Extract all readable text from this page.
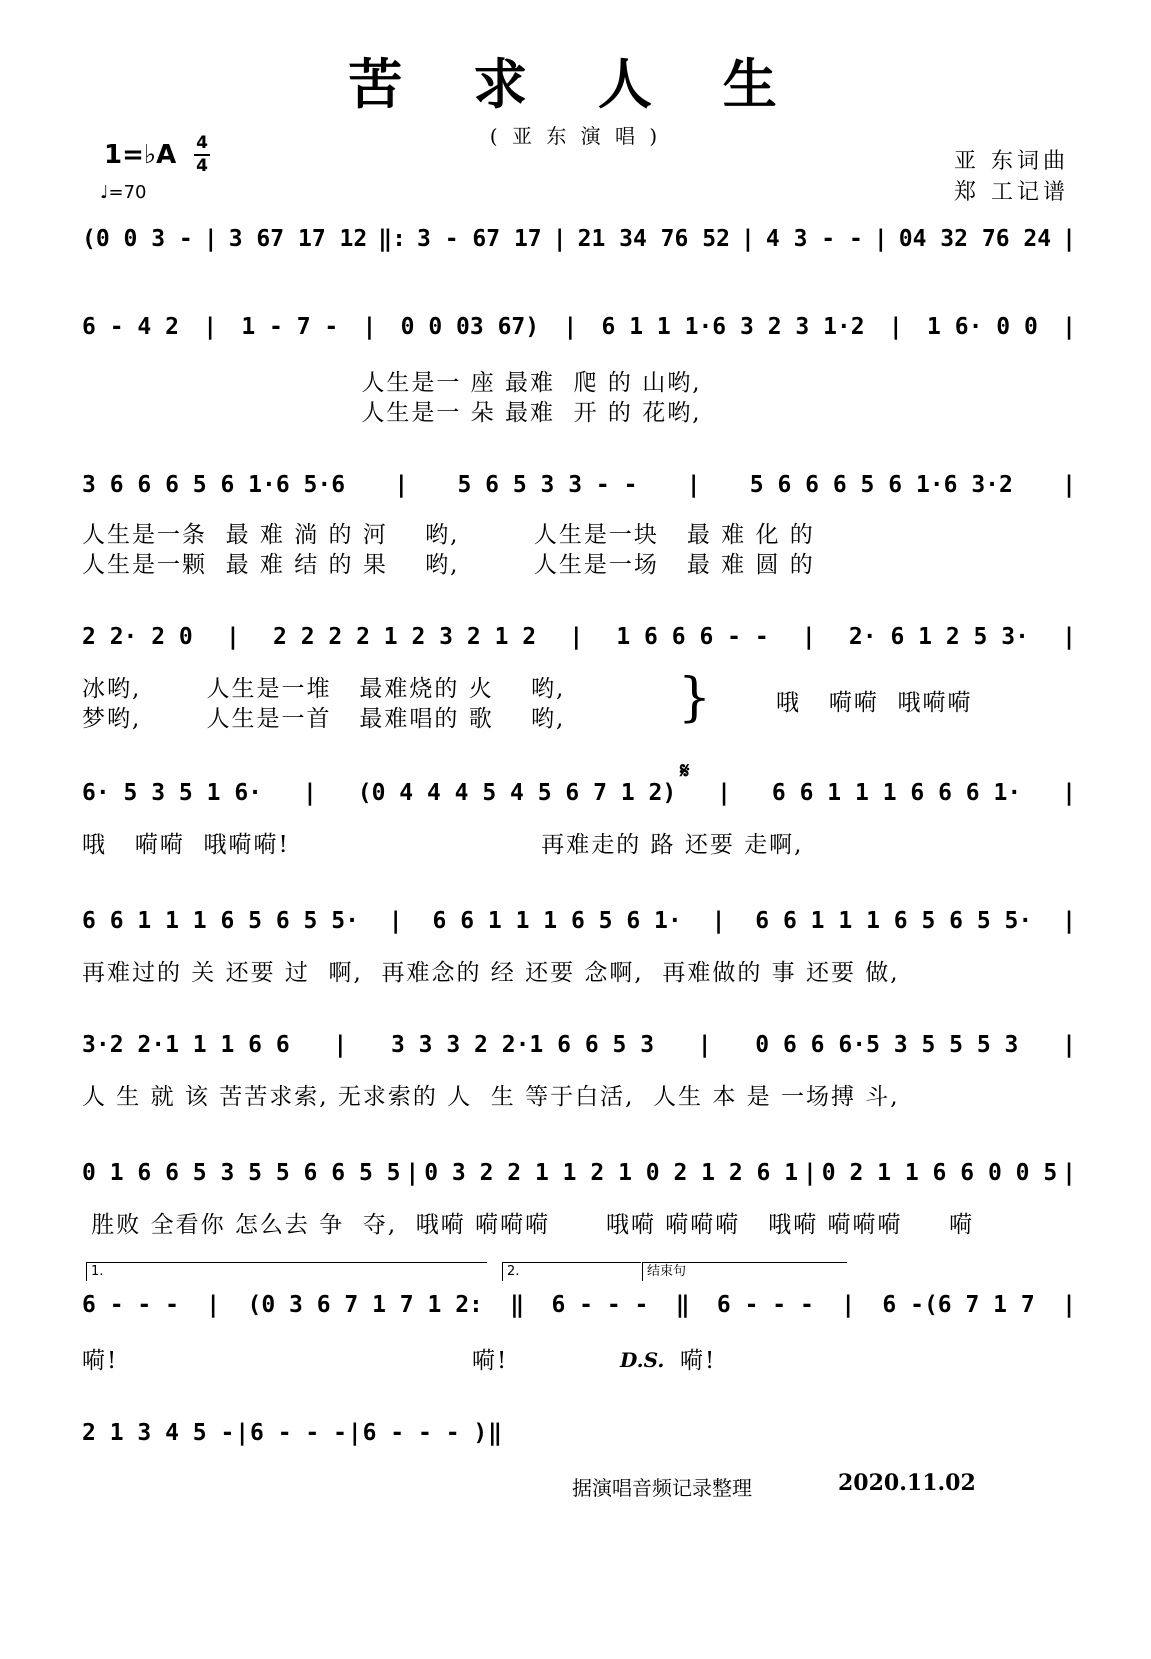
苦 求 人 生
( 亚 东 演 唱 )
1=♭A 4
4
♩=70
亚 东词曲
郑 工记谱
(0 0 3 - | 3 67 17 12 ‖: 3 - 67 17 | 21 34 76 52 | 4 3 - - | 04 32 76 24 |
6 - 4 2 | 1 - 7 - | 0 0 03 67) | 6 1 1 1·6 3 2 3 1·2 | 1 6· 0 0 |
人生是一 座 最难  爬 的 山哟,
人生是一 朵 最难  开 的 花哟,
3 6 6 6 5 6 1·6 5·6 | 5 6 5 3 3 - - | 5 6 6 6 5 6 1·6 3·2 |
人生是一条  最 难 淌 的 河    哟,        人生是一块   最 难 化 的
人生是一颗  最 难 结 的 果    哟,        人生是一场   最 难 圆 的
2 2· 2 0 | 2 2 2 2 1 2 3 2 1 2 | 1 6 6 6 - - | 2· 6 1 2 5 3· |
冰哟,       人生是一堆   最难烧的 火    哟,
梦哟,       人生是一首   最难唱的 歌    哟,	}	哦   嗬嗬  哦嗬嗬
𝄋
6· 5 3 5 1 6· | (0 4 4 4 5 4 5 6 7 1 2) | 6 6 1 1 1 6 6 6 1· |
哦   嗬嗬  哦嗬嗬!                           再难走的 路 还要 走啊,
6 6 1 1 1 6 5 6 5 5· | 6 6 1 1 1 6 5 6 1· | 6 6 1 1 1 6 5 6 5 5· |
再难过的 关 还要 过  啊,  再难念的 经 还要 念啊,  再难做的 事 还要 做,
3·2 2·1 1 1 6 6 | 3 3 3 2 2·1 6 6 5 3 | 0 6 6 6·5 3 5 5 5 3 |
人 生 就 该 苦苦求索, 无求索的 人  生 等于白活,  人生 本 是 一场搏 斗,
0 1 6 6 5 3 5 5 6 6 5 5 | 0 3 2 2 1 1 2 1 0 2 1 2 6 1 | 0 2 1 1 6 6 0 0 5 |
胜败 全看你 怎么去 争  夺,  哦嗬 嗬嗬嗬      哦嗬 嗬嗬嗬   哦嗬 嗬嗬嗬     嗬
1.	2.	结束句
6 - - - | (0 3 6 7 1 7 1 2: ‖ 6 - - - ‖ 6 - - - | 6 -(6 7 1 7 |
嗬!                                      嗬!	D.S. 嗬!
2 1 3 4 5 - | 6 - - - | 6 - - - ) ‖
据演唱音频记录整理	2020.11.02
